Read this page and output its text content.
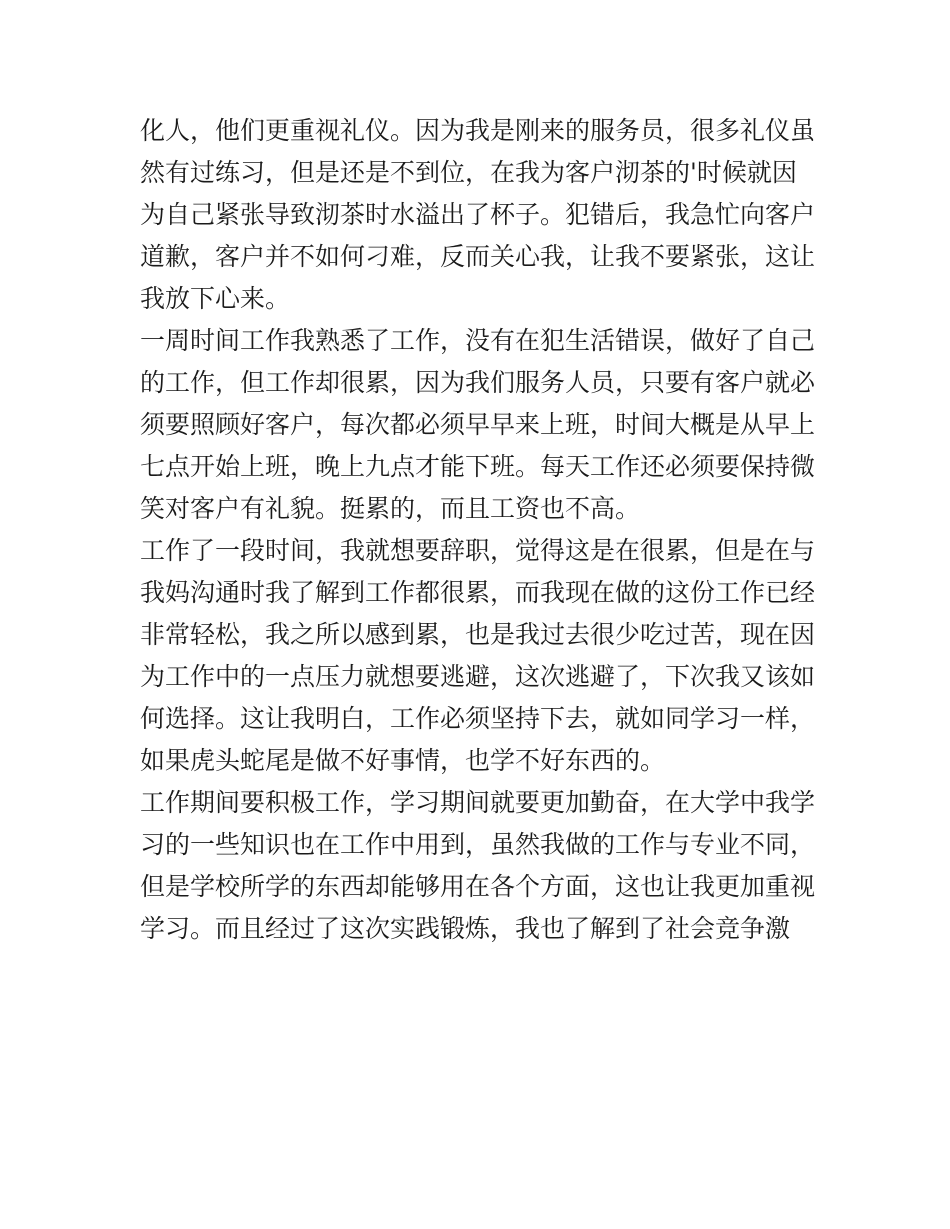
化人，他们更重视礼仪。因为我是刚来的服务员，很多礼仪虽

然有过练习，但是还是不到位，在我为客户沏茶的'时候就因

为自己紧张导致沏茶时水溢出了杯子。犯错后，我急忙向客户

道歉，客户并不如何刁难，反而关心我，让我不要紧张，这让

我放下心来。

一周时间工作我熟悉了工作，没有在犯生活错误，做好了自己

的工作，但工作却很累，因为我们服务人员，只要有客户就必

须要照顾好客户，每次都必须早早来上班，时间大概是从早上

七点开始上班，晚上九点才能下班。每天工作还必须要保持微

笑对客户有礼貌。挺累的，而且工资也不高。

工作了一段时间，我就想要辞职，觉得这是在很累，但是在与

我妈沟通时我了解到工作都很累，而我现在做的这份工作已经

非常轻松，我之所以感到累，也是我过去很少吃过苦，现在因

为工作中的一点压力就想要逃避，这次逃避了，下次我又该如

何选择。这让我明白，工作必须坚持下去，就如同学习一样，

如果虎头蛇尾是做不好事情，也学不好东西的。

工作期间要积极工作，学习期间就要更加勤奋，在大学中我学

习的一些知识也在工作中用到，虽然我做的工作与专业不同，

但是学校所学的东西却能够用在各个方面，这也让我更加重视

学习。而且经过了这次实践锻炼，我也了解到了社会竞争激
